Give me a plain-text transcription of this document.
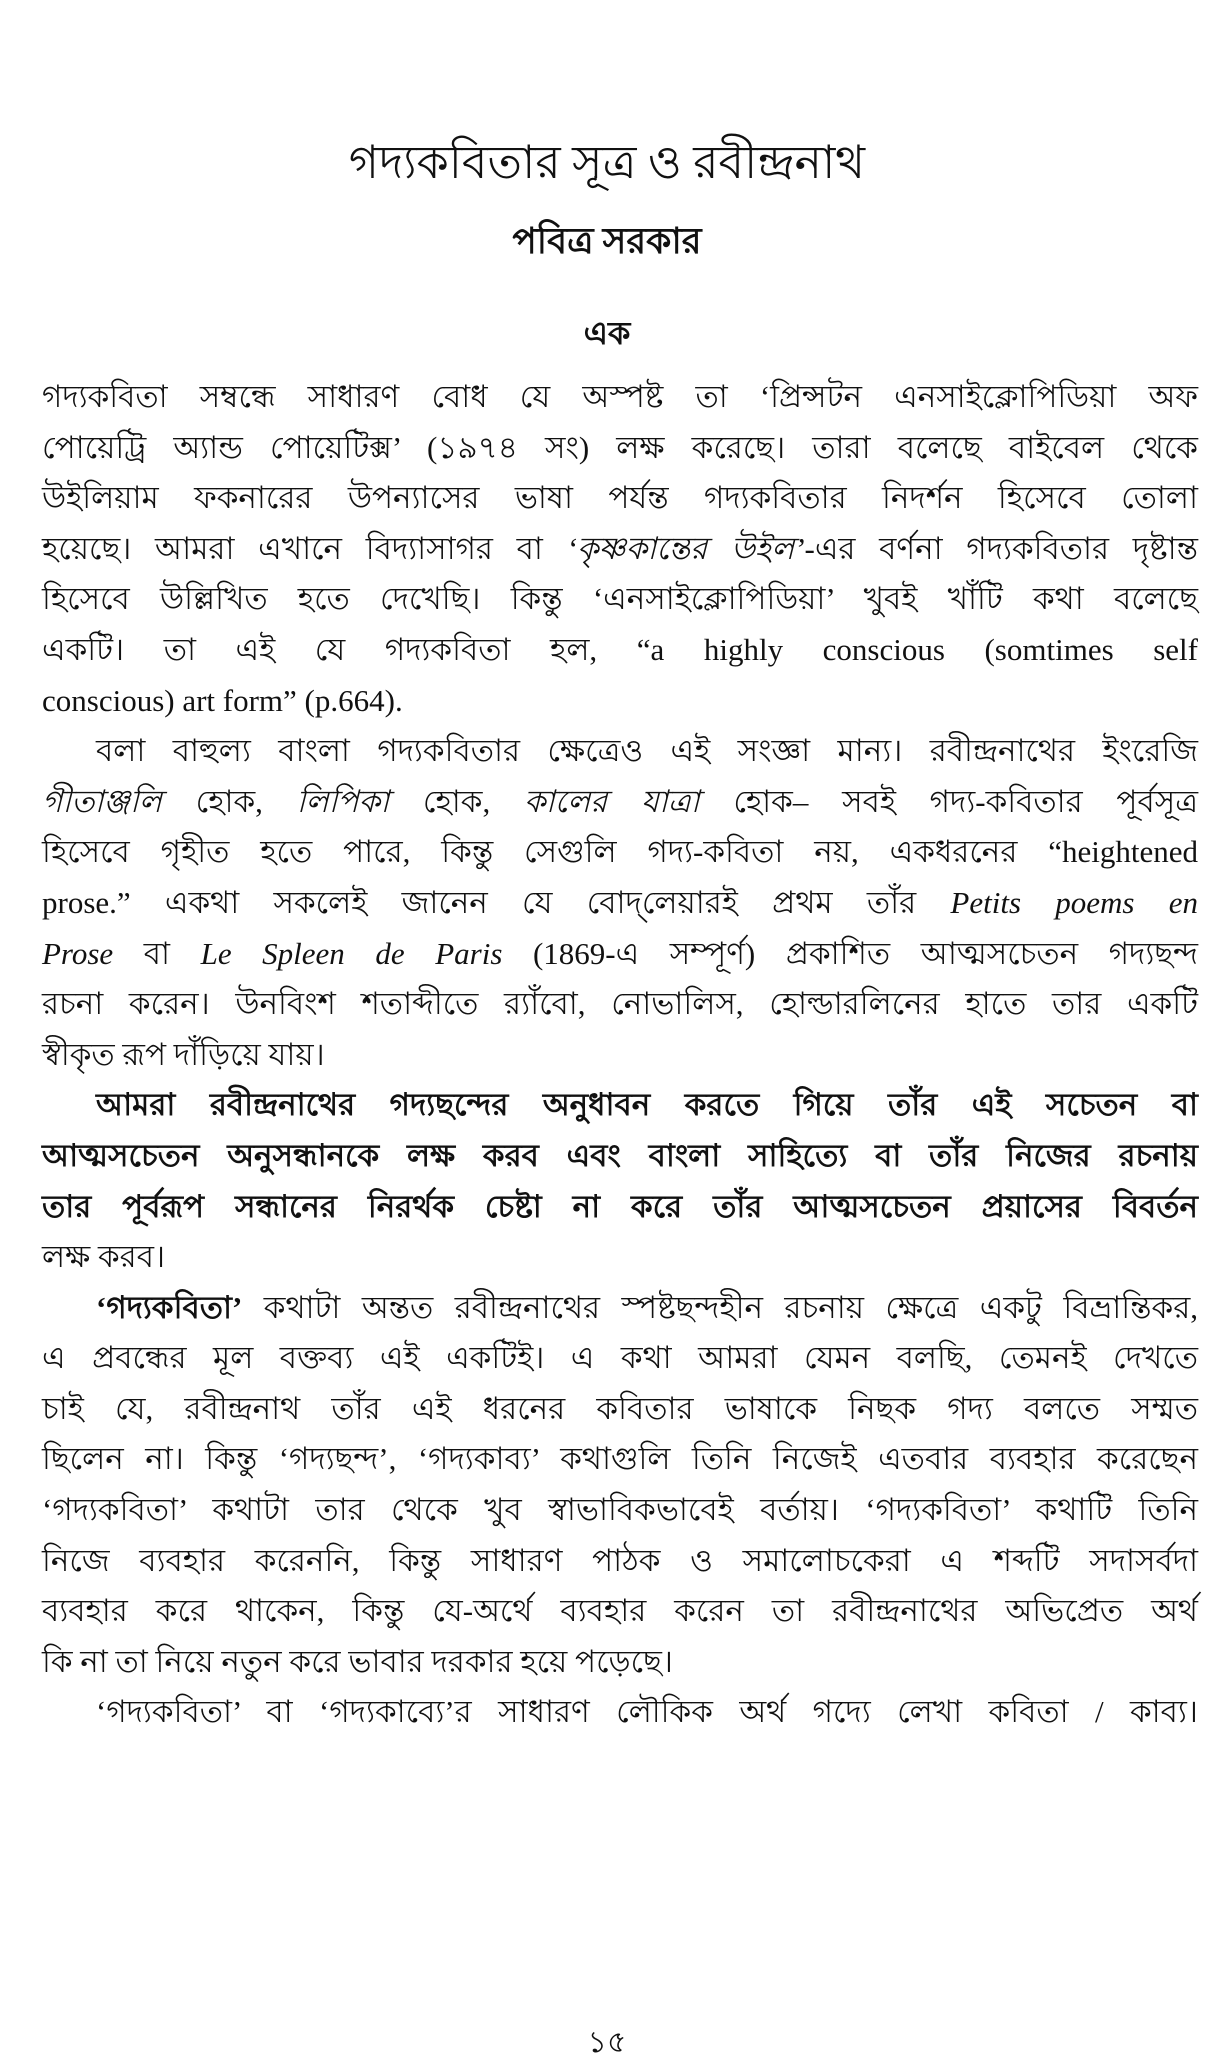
গদ্যকবিতার সূত্র ও রবীন্দ্রনাথ
পবিত্র সরকার
এক
গদ্যকবিতা সম্বন্ধে সাধারণ বোধ যে অস্পষ্ট তা ‘প্রিন্সটন এনসাইক্লোপিডিয়া অফ
পোয়েট্রি অ্যান্ড পোয়েটিক্স’ (১৯৭৪ সং) লক্ষ করেছে। তারা বলেছে বাইবেল থেকে
উইলিয়াম ফকনারের উপন্যাসের ভাষা পর্যন্ত গদ্যকবিতার নিদর্শন হিসেবে তোলা
হয়েছে। আমরা এখানে বিদ্যাসাগর বা ‘কৃষ্ণকান্তের উইল’-এর বর্ণনা গদ্যকবিতার দৃষ্টান্ত
হিসেবে উল্লিখিত হতে দেখেছি। কিন্তু ‘এনসাইক্লোপিডিয়া’ খুবই খাঁটি কথা বলেছে
একটি। তা এই যে গদ্যকবিতা হল, “a highly conscious (somtimes self
conscious) art form” (p.664).
বলা বাহুল্য বাংলা গদ্যকবিতার ক্ষেত্রেও এই সংজ্ঞা মান্য। রবীন্দ্রনাথের ইংরেজি
গীতাঞ্জলি হোক, লিপিকা হোক, কালের যাত্রা হোক– সবই গদ্য-কবিতার পূর্বসূত্র
হিসেবে গৃহীত হতে পারে, কিন্তু সেগুলি গদ্য-কবিতা নয়, একধরনের “heightened
prose.” একথা সকলেই জানেন যে বোদ্‌লেয়ারই প্রথম তাঁর Petits poems en
Prose বা Le Spleen de Paris (1869-এ সম্পূর্ণ) প্রকাশিত আত্মসচেতন গদ্যছন্দ
রচনা করেন। উনবিংশ শতাব্দীতে র‍্যাঁবো, নোভালিস, হোল্ডারলিনের হাতে তার একটি
স্বীকৃত রূপ দাঁড়িয়ে যায়।
আমরা রবীন্দ্রনাথের গদ্যছন্দের অনুধাবন করতে গিয়ে তাঁর এই সচেতন বা
আত্মসচেতন অনুসন্ধানকে লক্ষ করব এবং বাংলা সাহিত্যে বা তাঁর নিজের রচনায়
তার পূর্বরূপ সন্ধানের নিরর্থক চেষ্টা না করে তাঁর আত্মসচেতন প্রয়াসের বিবর্তন
লক্ষ করব।
‘গদ্যকবিতা’ কথাটা অন্তত রবীন্দ্রনাথের স্পষ্টছন্দহীন রচনায় ক্ষেত্রে একটু বিভ্রান্তিকর,
এ প্রবন্ধের মূল বক্তব্য এই একটিই। এ কথা আমরা যেমন বলছি, তেমনই দেখতে
চাই যে, রবীন্দ্রনাথ তাঁর এই ধরনের কবিতার ভাষাকে নিছক গদ্য বলতে সম্মত
ছিলেন না। কিন্তু ‘গদ্যছন্দ’, ‘গদ্যকাব্য’ কথাগুলি তিনি নিজেই এতবার ব্যবহার করেছেন
‘গদ্যকবিতা’ কথাটা তার থেকে খুব স্বাভাবিকভাবেই বর্তায়। ‘গদ্যকবিতা’ কথাটি তিনি
নিজে ব্যবহার করেননি, কিন্তু সাধারণ পাঠক ও সমালোচকেরা এ শব্দটি সদাসর্বদা
ব্যবহার করে থাকেন, কিন্তু যে-অর্থে ব্যবহার করেন তা রবীন্দ্রনাথের অভিপ্রেত অর্থ
কি না তা নিয়ে নতুন করে ভাবার দরকার হয়ে পড়েছে।
‘গদ্যকবিতা’ বা ‘গদ্যকাব্যে’র সাধারণ লৌকিক অর্থ গদ্যে লেখা কবিতা / কাব্য।
১৫
